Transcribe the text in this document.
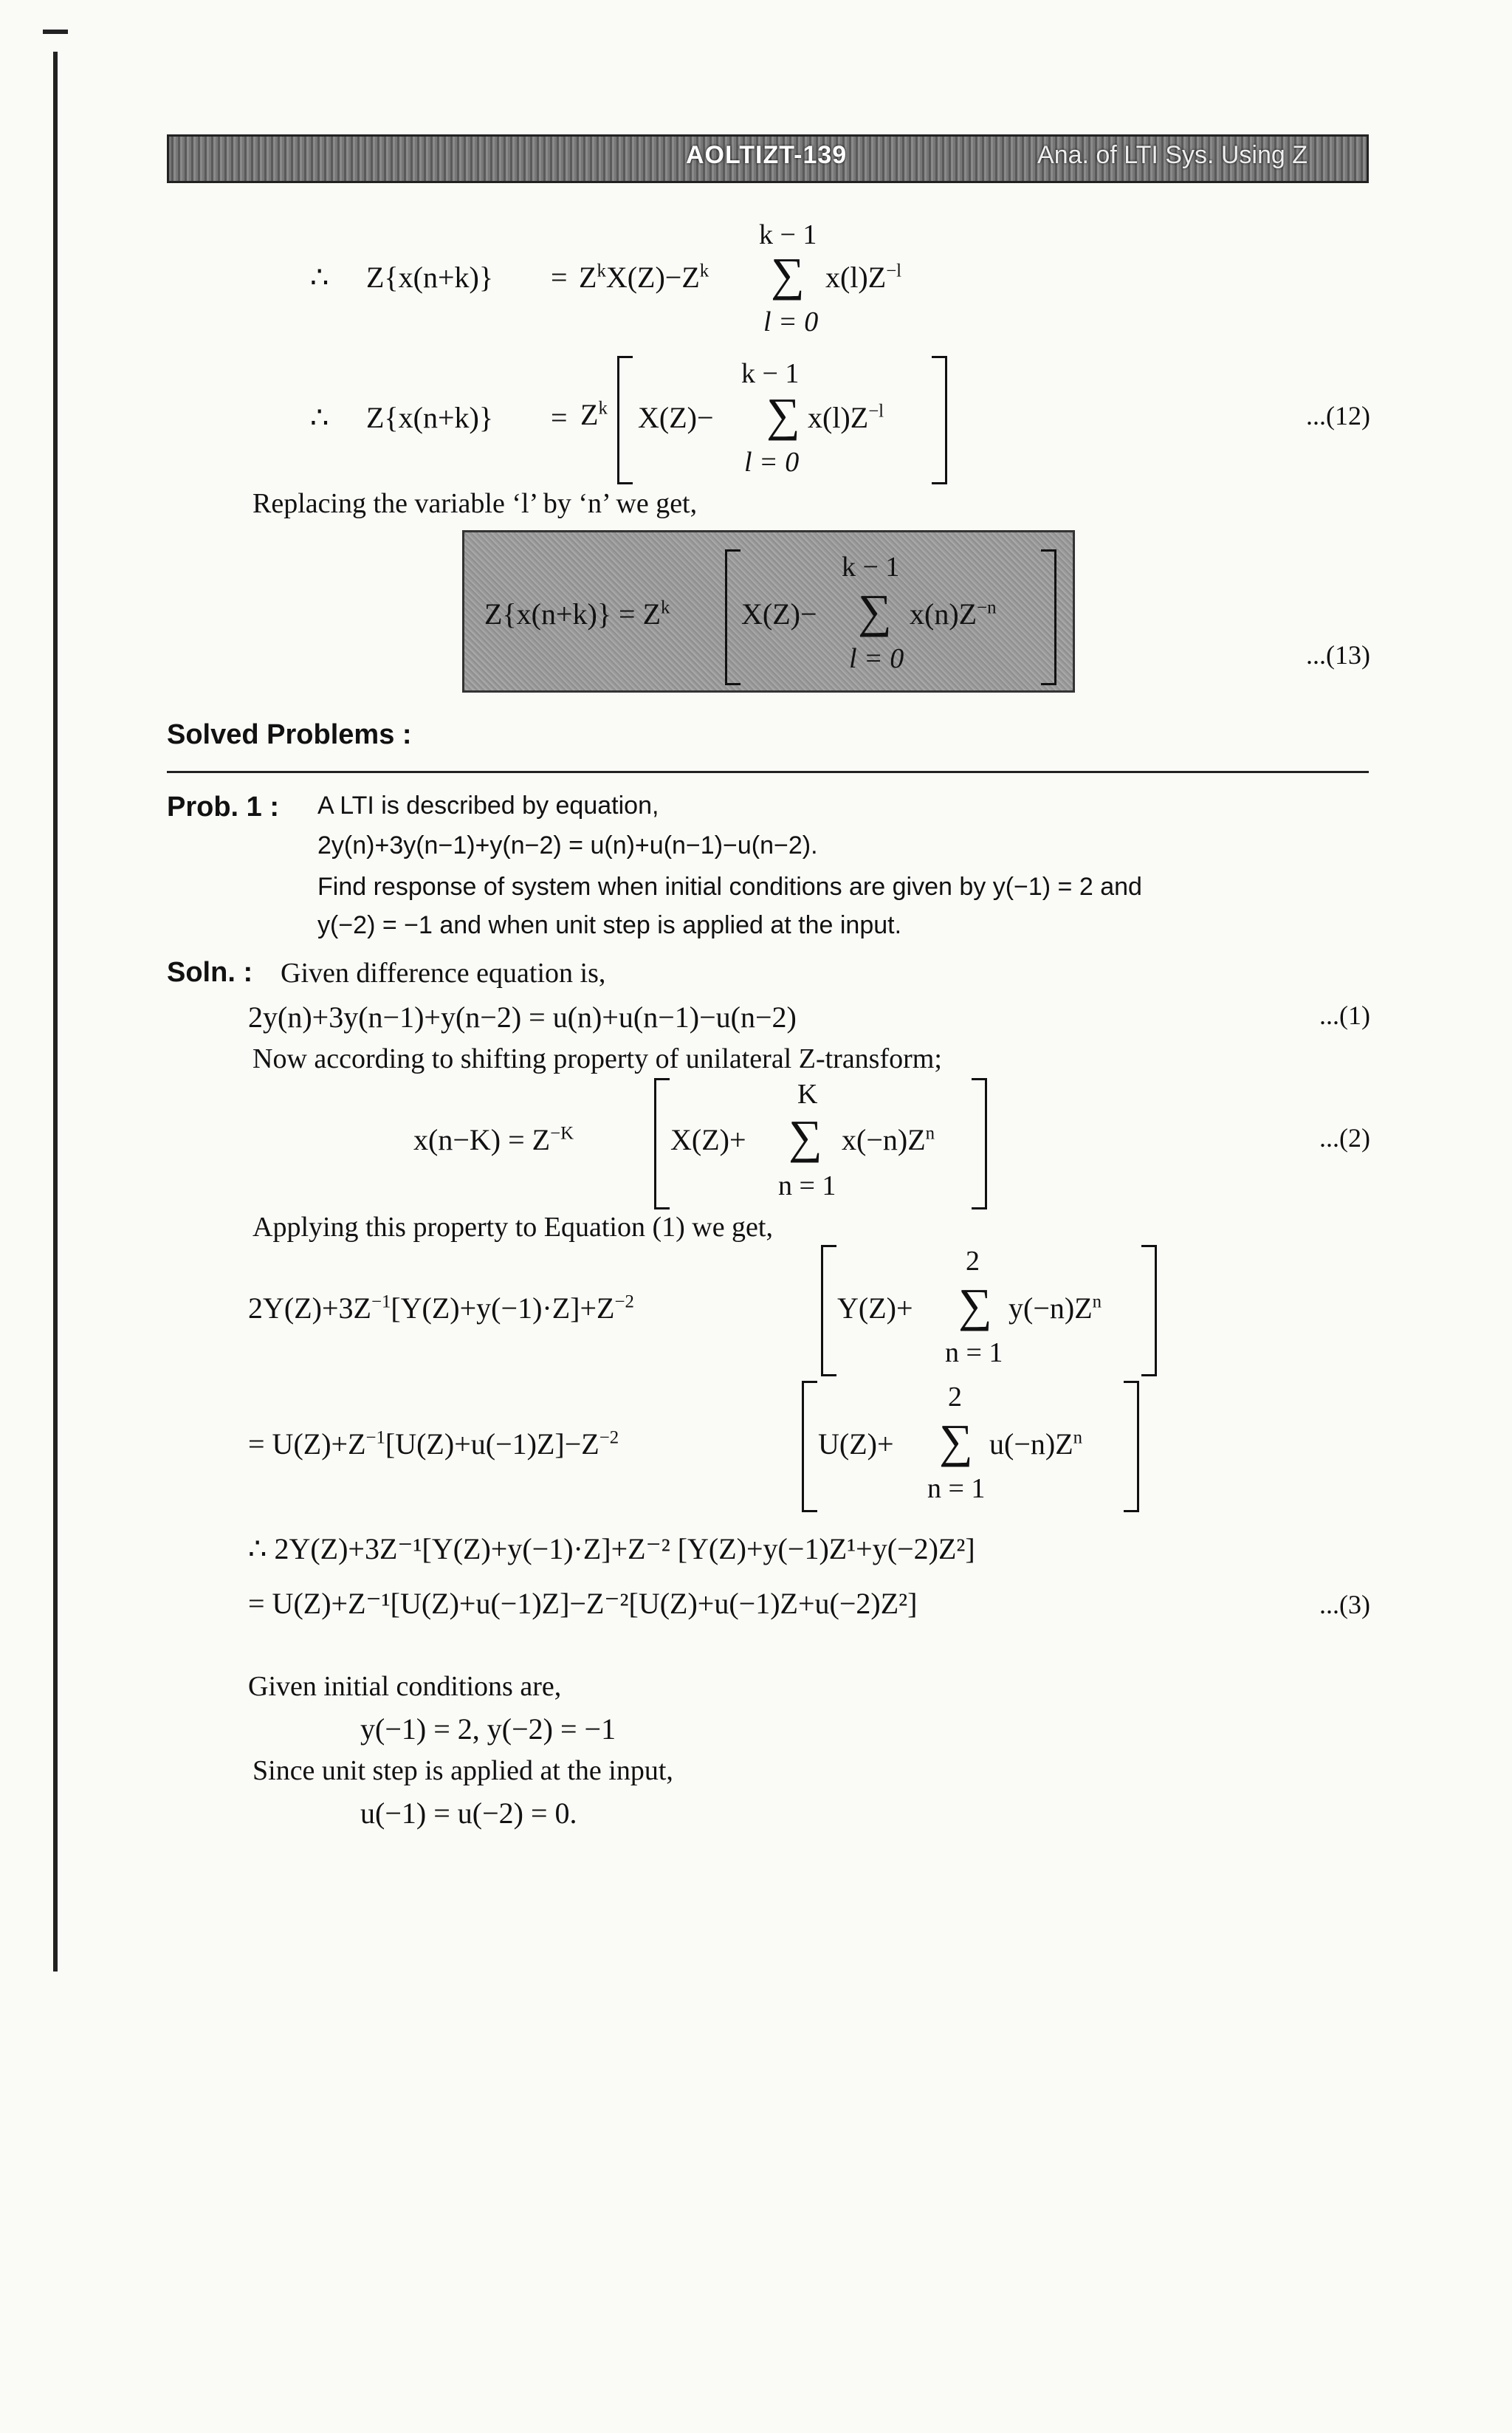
AOLTIZT-139	Ana. of LTI Sys. Using Z
k − 1
∴ $Z\{x(n+k)\} = Z^kX(Z)-Z^k$ ∑ $x(l)Z^{-l}$
l = 0
k − 1
∴ $Z\{x(n+k)\} = Z^k$ X(Z)− ∑ $x(l)Z^{-l}$
l = 0
...(12)
Replacing the variable ‘l’ by ‘n’ we get,
k − 1
$Z\{x(n+k)\} = Z^k$ X(Z)− ∑ $x(n)Z^{-n}$
l = 0	...(13)
Solved Problems :
Prob. 1 : A LTI is described by equation,
2y(n)+3y(n−1)+y(n−2) = u(n)+u(n−1)−u(n−2).
Find response of system when initial conditions are given by y(−1) = 2 and
y(−2) = −1 and when unit step is applied at the input.
Soln. : Given difference equation is,
2y(n)+3y(n−1)+y(n−2) = u(n)+u(n−1)−u(n−2)	...(1)
Now according to shifting property of unilateral Z-transform;
K
$x(n-K) = Z^{-K}$	X(Z)+ ∑ $x(-n)Z^n$
n = 1
...(2)
Applying this property to Equation (1) we get,
2
$2Y(Z)+3Z^{-1}[Y(Z)+y(-1)\cdot Z]+Z^{-2}$	Y(Z)+ ∑ $y(-n)Z^n$
n = 1
2
= $U(Z)+Z^{-1}[U(Z)+u(-1)Z]-Z^{-2}$	U(Z)+ ∑ $u(-n)Z^n$
n = 1
∴ 2Y(Z)+3Z⁻¹[Y(Z)+y(−1)·Z]+Z⁻² [Y(Z)+y(−1)Z¹+y(−2)Z²]
= U(Z)+Z⁻¹[U(Z)+u(−1)Z]−Z⁻²[U(Z)+u(−1)Z+u(−2)Z²]	...(3)
Given initial conditions are,
y(−1) = 2, y(−2) = −1
Since unit step is applied at the input,
u(−1) = u(−2) = 0.
